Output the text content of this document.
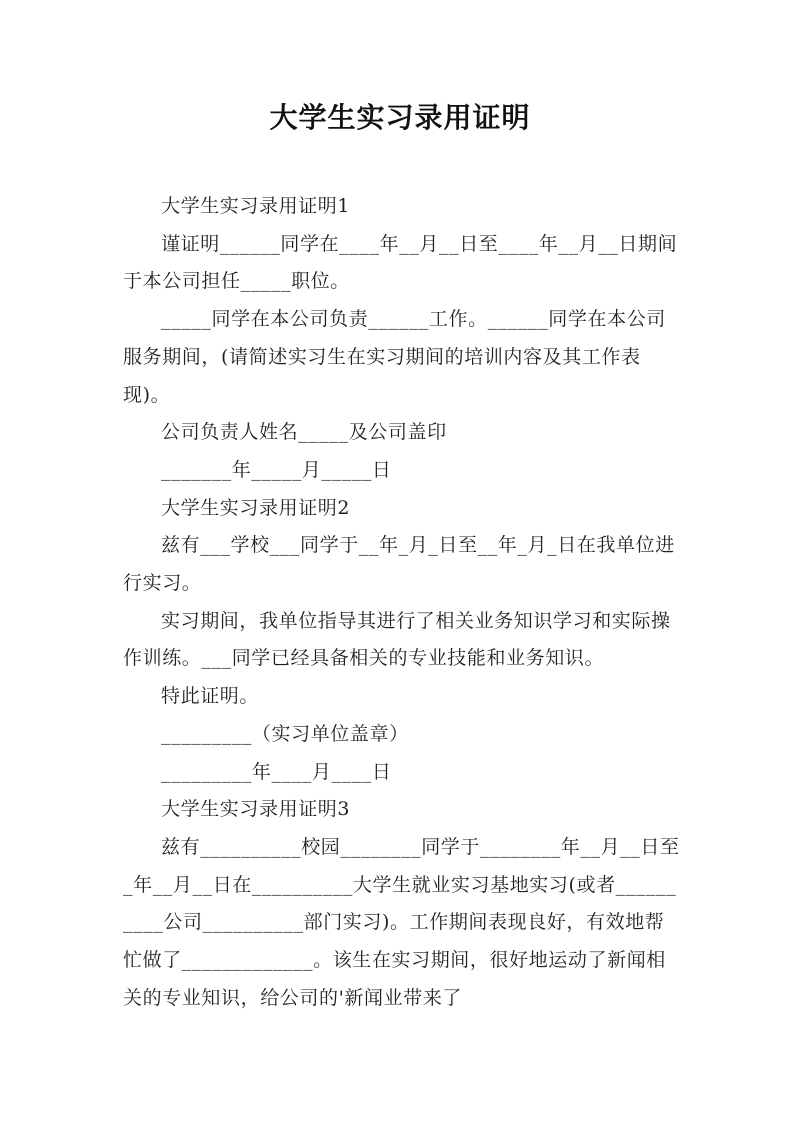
大学生实习录用证明

大学生实习录用证明1

谨证明______同学在____年__月__日至____年__月__日期间于本公司担任_____职位。

_____同学在本公司负责______工作。______同学在本公司服务期间，(请简述实习生在实习期间的培训内容及其工作表现)。

公司负责人姓名_____及公司盖印

_______年_____月_____日

大学生实习录用证明2

兹有___学校___同学于__年_月_日至__年_月_日在我单位进行实习。

实习期间，我单位指导其进行了相关业务知识学习和实际操作训练。___同学已经具备相关的专业技能和业务知识。

特此证明。

_________（实习单位盖章）

_________年____月____日

大学生实习录用证明3

兹有__________校园________同学于________年__月__日至_年__月__日在__________大学生就业实习基地实习(或者__________公司__________部门实习)。工作期间表现良好，有效地帮忙做了_____________。该生在实习期间，很好地运动了新闻相关的专业知识，给公司的'新闻业带来了
